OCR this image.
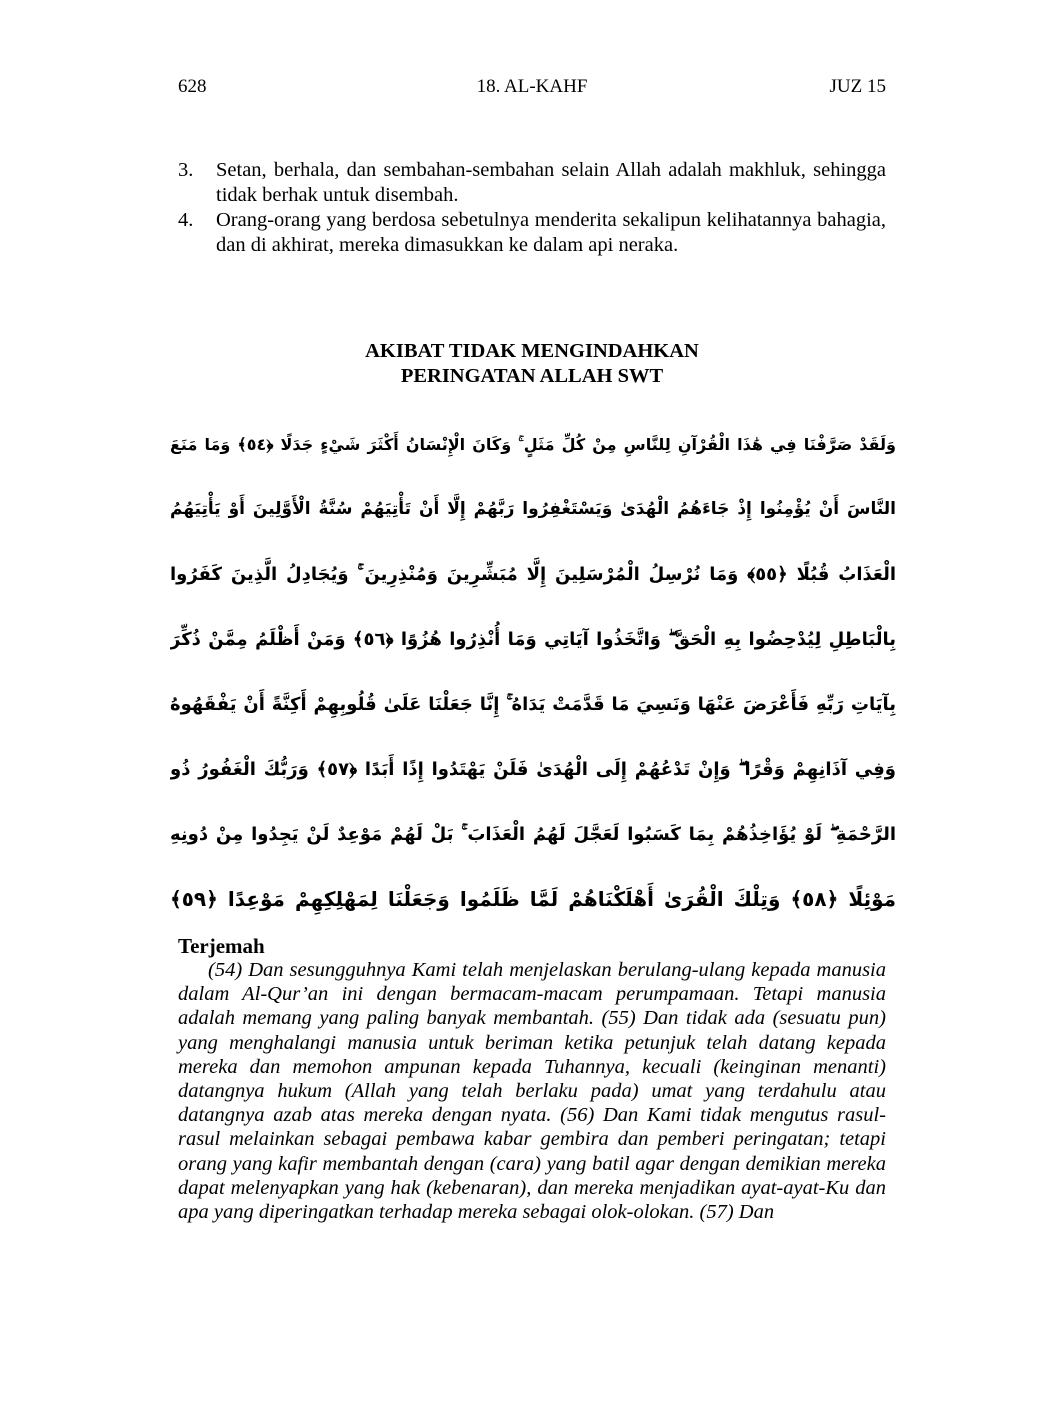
628	18. AL-KAHF	JUZ 15
3. Setan, berhala, dan sembahan-sembahan selain Allah adalah makhluk, sehingga tidak berhak untuk disembah.
4. Orang-orang yang berdosa sebetulnya menderita sekalipun kelihatannya bahagia, dan di akhirat, mereka dimasukkan ke dalam api neraka.
AKIBAT TIDAK MENGINDAHKAN
PERINGATAN ALLAH SWT
وَلَقَدْ صَرَّفْنَا فِي هَٰذَا الْقُرْآنِ لِلنَّاسِ مِنْ كُلِّ مَثَلٍ ۚ وَكَانَ الْإِنْسَانُ أَكْثَرَ شَيْءٍ جَدَلًا ﴿٥٤﴾ وَمَا مَنَعَ
النَّاسَ أَنْ يُؤْمِنُوا إِذْ جَاءَهُمُ الْهُدَىٰ وَيَسْتَغْفِرُوا رَبَّهُمْ إِلَّا أَنْ تَأْتِيَهُمْ سُنَّةُ الْأَوَّلِينَ أَوْ يَأْتِيَهُمُ
الْعَذَابُ قُبُلًا ﴿٥٥﴾ وَمَا نُرْسِلُ الْمُرْسَلِينَ إِلَّا مُبَشِّرِينَ وَمُنْذِرِينَ ۚ وَيُجَادِلُ الَّذِينَ كَفَرُوا
بِالْبَاطِلِ لِيُدْحِضُوا بِهِ الْحَقَّ ۖ وَاتَّخَذُوا آيَاتِي وَمَا أُنْذِرُوا هُزُوًا ﴿٥٦﴾ وَمَنْ أَظْلَمُ مِمَّنْ ذُكِّرَ
بِآيَاتِ رَبِّهِ فَأَعْرَضَ عَنْهَا وَنَسِيَ مَا قَدَّمَتْ يَدَاهُ ۚ إِنَّا جَعَلْنَا عَلَىٰ قُلُوبِهِمْ أَكِنَّةً أَنْ يَفْقَهُوهُ
وَفِي آذَانِهِمْ وَقْرًا ۖ وَإِنْ تَدْعُهُمْ إِلَى الْهُدَىٰ فَلَنْ يَهْتَدُوا إِذًا أَبَدًا ﴿٥٧﴾ وَرَبُّكَ الْغَفُورُ ذُو
الرَّحْمَةِ ۖ لَوْ يُؤَاخِذُهُمْ بِمَا كَسَبُوا لَعَجَّلَ لَهُمُ الْعَذَابَ ۚ بَلْ لَهُمْ مَوْعِدٌ لَنْ يَجِدُوا مِنْ دُونِهِ
مَوْئِلًا ﴿٥٨﴾ وَتِلْكَ الْقُرَىٰ أَهْلَكْنَاهُمْ لَمَّا ظَلَمُوا وَجَعَلْنَا لِمَهْلِكِهِمْ مَوْعِدًا ﴿٥٩﴾
Terjemah

(54) Dan sesungguhnya Kami telah menjelaskan berulang-ulang kepada manusia dalam Al-Qur’an ini dengan bermacam-macam perumpamaan. Tetapi manusia adalah memang yang paling banyak membantah. (55) Dan tidak ada (sesuatu pun) yang menghalangi manusia untuk beriman ketika petunjuk telah datang kepada mereka dan memohon ampunan kepada Tuhannya, kecuali (keinginan menanti) datangnya hukum (Allah yang telah berlaku pada) umat yang terdahulu atau datangnya azab atas mereka dengan nyata. (56) Dan Kami tidak mengutus rasul-rasul melainkan sebagai pembawa kabar gembira dan pemberi peringatan; tetapi orang yang kafir membantah dengan (cara) yang batil agar dengan demikian mereka dapat melenyapkan yang hak (kebenaran), dan mereka menjadikan ayat-ayat-Ku dan apa yang diperingatkan terhadap mereka sebagai olok-olokan. (57) Dan
